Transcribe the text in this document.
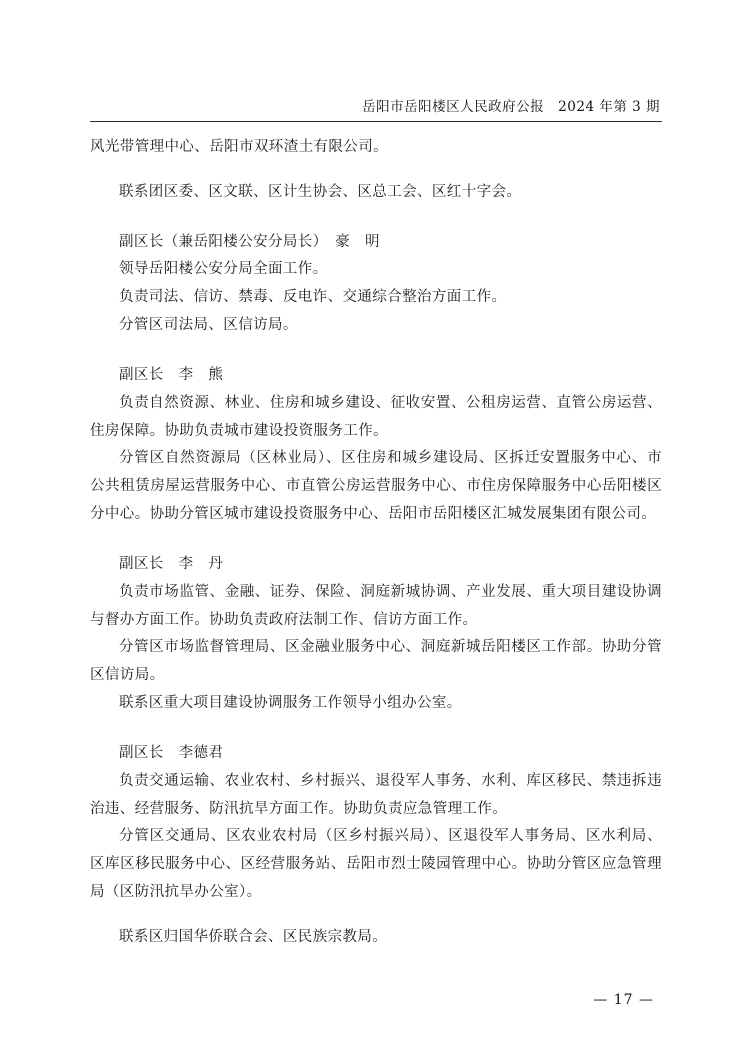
岳阳市岳阳楼区人民政府公报　2024 年第 3 期

风光带管理中心、岳阳市双环渣土有限公司。

联系团区委、区文联、区计生协会、区总工会、区红十字会。

副区长（兼岳阳楼公安分局长）　豪　明

领导岳阳楼公安分局全面工作。

负责司法、信访、禁毒、反电诈、交通综合整治方面工作。

分管区司法局、区信访局。

副区长　李　熊

负责自然资源、林业、住房和城乡建设、征收安置、公租房运营、直管公房运营、住房保障。协助负责城市建设投资服务工作。

分管区自然资源局（区林业局）、区住房和城乡建设局、区拆迁安置服务中心、市公共租赁房屋运营服务中心、市直管公房运营服务中心、市住房保障服务中心岳阳楼区分中心。协助分管区城市建设投资服务中心、岳阳市岳阳楼区汇城发展集团有限公司。

副区长　李　丹

负责市场监管、金融、证券、保险、洞庭新城协调、产业发展、重大项目建设协调与督办方面工作。协助负责政府法制工作、信访方面工作。

分管区市场监督管理局、区金融业服务中心、洞庭新城岳阳楼区工作部。协助分管区信访局。

联系区重大项目建设协调服务工作领导小组办公室。

副区长　李德君

负责交通运输、农业农村、乡村振兴、退役军人事务、水利、库区移民、禁违拆违治违、经营服务、防汛抗旱方面工作。协助负责应急管理工作。

分管区交通局、区农业农村局（区乡村振兴局）、区退役军人事务局、区水利局、区库区移民服务中心、区经营服务站、岳阳市烈士陵园管理中心。协助分管区应急管理局（区防汛抗旱办公室）。

联系区归国华侨联合会、区民族宗教局。

— 17 —
